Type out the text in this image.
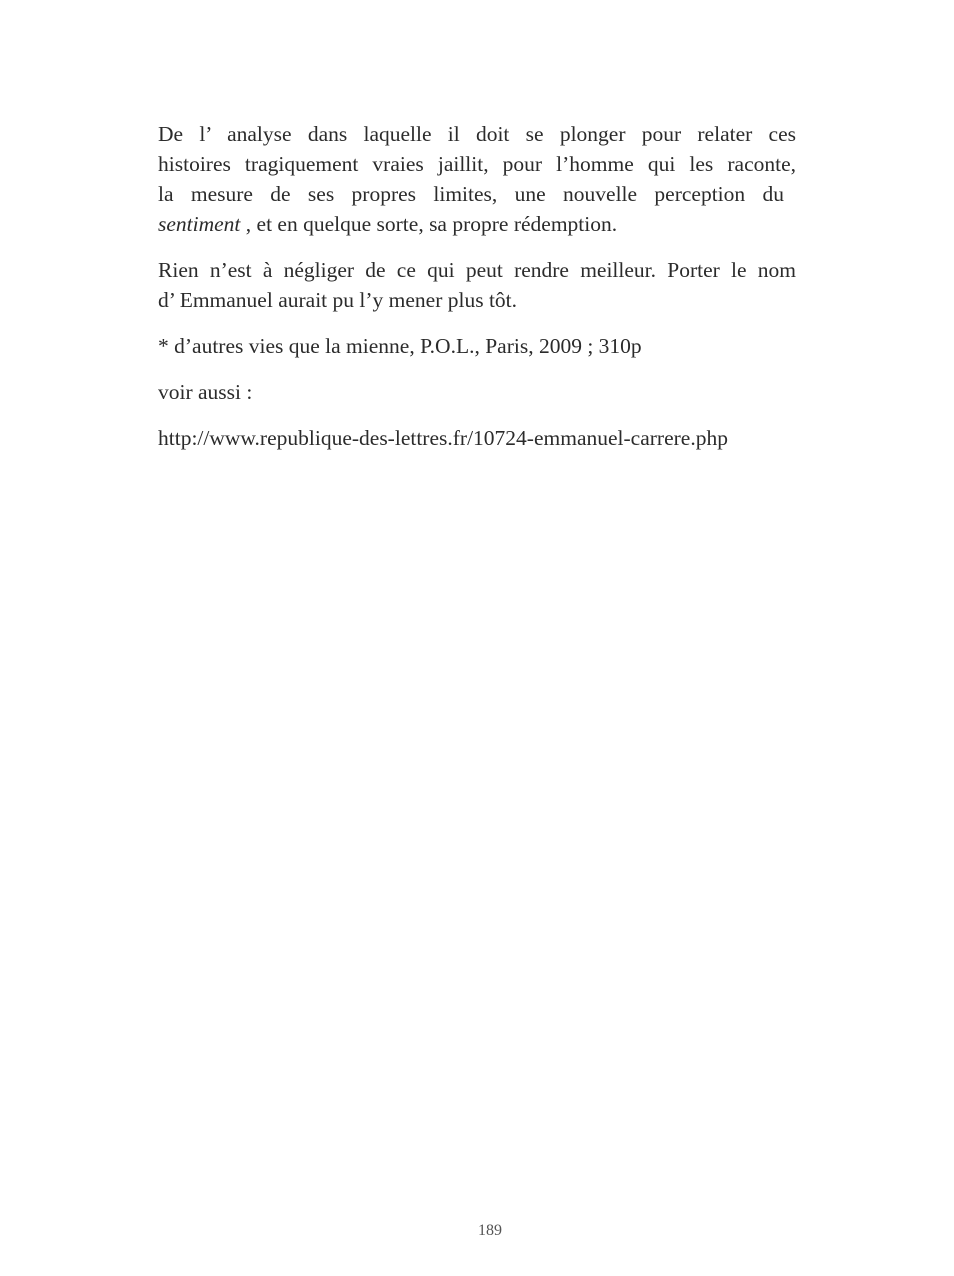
De l’ analyse dans laquelle il doit se plonger pour relater ces
histoires tragiquement vraies jaillit, pour l’homme qui les raconte,
la mesure de ses propres limites, une nouvelle perception du
sentiment , et en quelque sorte, sa propre rédemption.

Rien n’est à négliger de ce qui peut rendre meilleur. Porter le nom
d’ Emmanuel aurait pu l’y mener plus tôt.

* d’autres vies que la mienne, P.O.L., Paris, 2009 ; 310p

voir aussi :

http://www.republique-des-lettres.fr/10724-emmanuel-carrere.php

189
